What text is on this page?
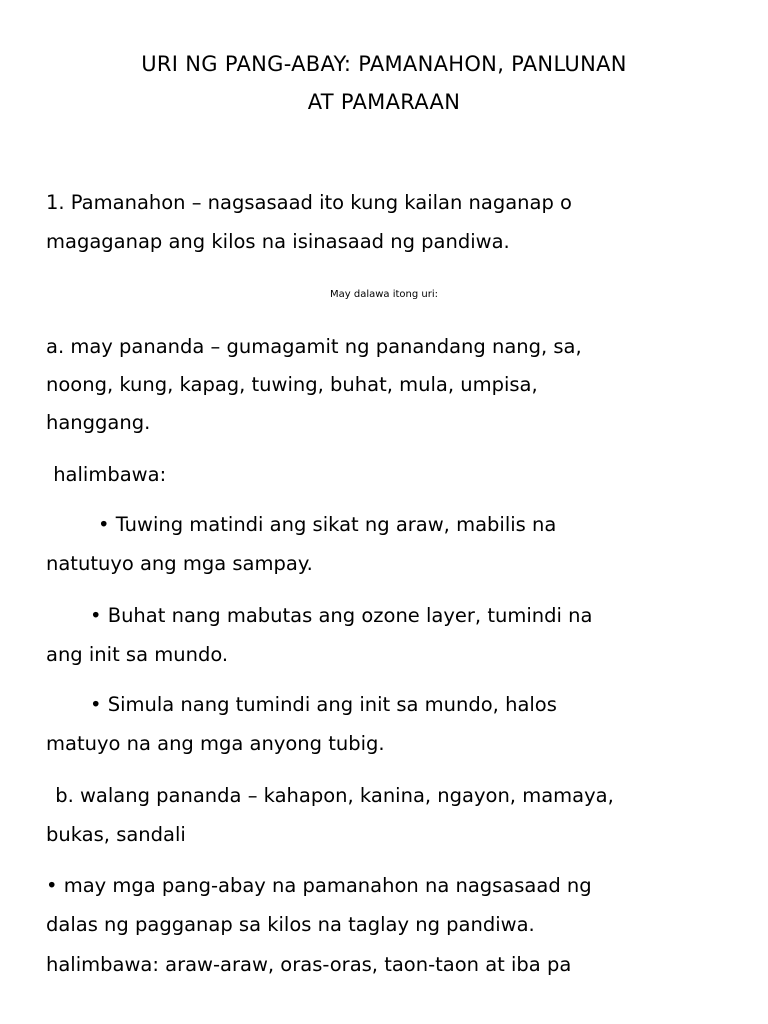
URI NG PANG-ABAY: PAMANAHON, PANLUNAN
AT PAMARAAN

1. Pamanahon – nagsasaad ito kung kailan naganap o

magaganap ang kilos na isinasaad ng pandiwa.

May dalawa itong uri:

a. may pananda – gumagamit ng panandang nang, sa,

noong, kung, kapag, tuwing, buhat, mula, umpisa,

hanggang.

halimbawa:

• Tuwing matindi ang sikat ng araw, mabilis na

natutuyo ang mga sampay.

• Buhat nang mabutas ang ozone layer, tumindi na

ang init sa mundo.

• Simula nang tumindi ang init sa mundo, halos

matuyo na ang mga anyong tubig.

b. walang pananda – kahapon, kanina, ngayon, mamaya,

bukas, sandali

• may mga pang-abay na pamanahon na nagsasaad ng

dalas ng pagganap sa kilos na taglay ng pandiwa.

halimbawa: araw-araw, oras-oras, taon-taon at iba pa
